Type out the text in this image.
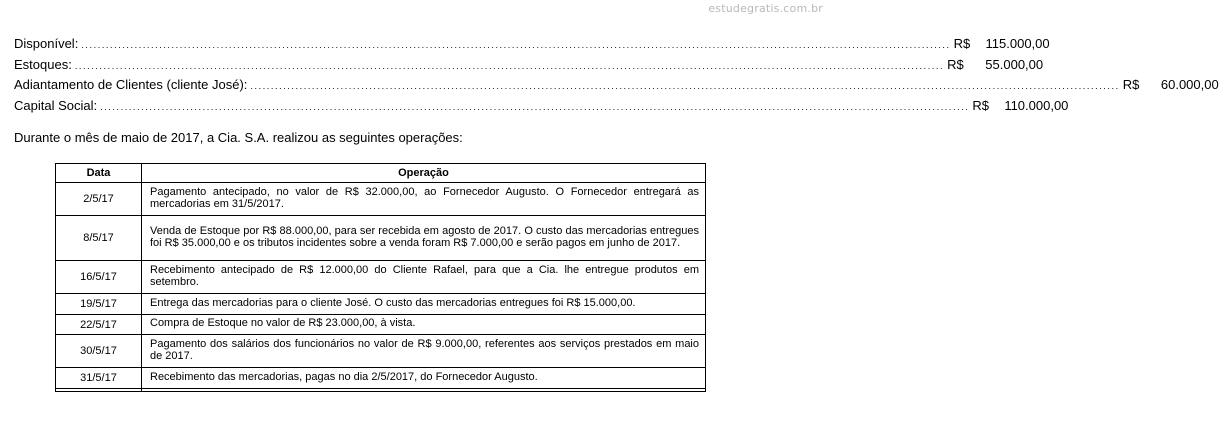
estudegratis.com.br
Disponível: .................................................................................................................................................................................................................... R$ 115.000,00
Estoques: .................................................................................................................................................................................................................... R$ 55.000,00
Adiantamento de Clientes (cliente José): .................................................................................................................................................................................................................... R$ 60.000,00
Capital Social: .................................................................................................................................................................................................................... R$ 110.000,00
Durante o mês de maio de 2017, a Cia. S.A. realizou as seguintes operações:
Data	Operação
2/5/17	Pagamento antecipado, no valor de R$ 32.000,00, ao Fornecedor Augusto. O Fornecedor entregará as mercadorias em 31/5/2017.
8/5/17	Venda de Estoque por R$ 88.000,00, para ser recebida em agosto de 2017. O custo das mercadorias entregues foi R$ 35.000,00 e os tributos incidentes sobre a venda foram R$ 7.000,00 e serão pagos em junho de 2017.
16/5/17	Recebimento antecipado de R$ 12.000,00 do Cliente Rafael, para que a Cia. lhe entregue produtos em setembro.
19/5/17	Entrega das mercadorias para o cliente José. O custo das mercadorias entregues foi R$ 15.000,00.
22/5/17	Compra de Estoque no valor de R$ 23.000,00, à vista.
30/5/17	Pagamento dos salários dos funcionários no valor de R$ 9.000,00, referentes aos serviços prestados em maio de 2017.
31/5/17	Recebimento das mercadorias, pagas no dia 2/5/2017, do Fornecedor Augusto.
